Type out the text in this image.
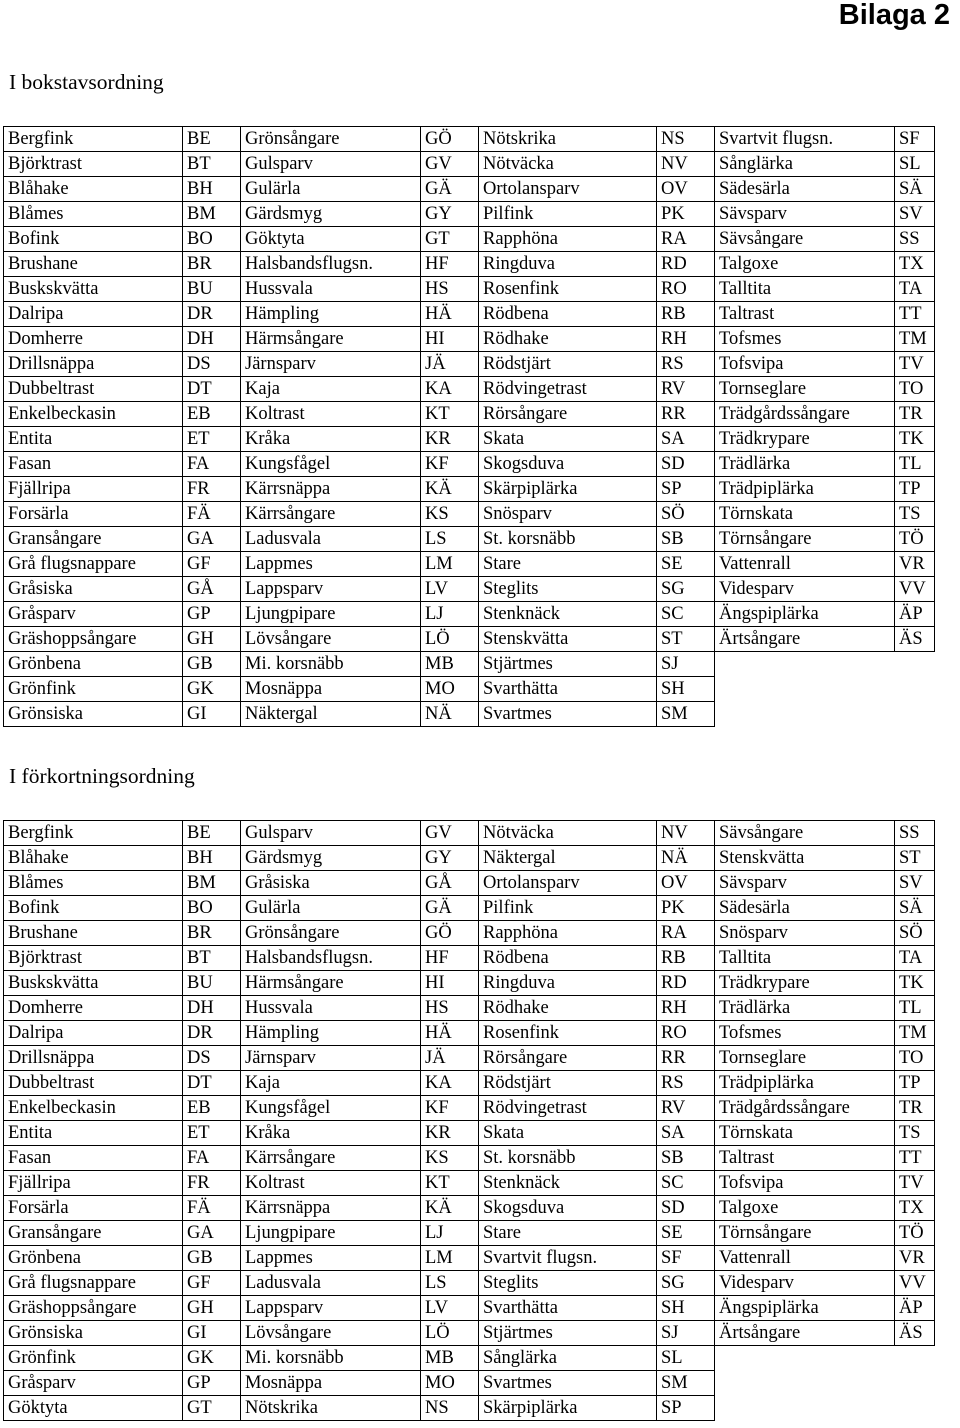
Bilaga 2
I bokstavsordning
Bergfink	BE	Grönsångare	GÖ	Nötskrika	NS	Svartvit flugsn.	SF
Björktrast	BT	Gulsparv	GV	Nötväcka	NV	Sånglärka	SL
Blåhake	BH	Gulärla	GÄ	Ortolansparv	OV	Sädesärla	SÄ
Blåmes	BM	Gärdsmyg	GY	Pilfink	PK	Sävsparv	SV
Bofink	BO	Göktyta	GT	Rapphöna	RA	Sävsångare	SS
Brushane	BR	Halsbandsflugsn.	HF	Ringduva	RD	Talgoxe	TX
Buskskvätta	BU	Hussvala	HS	Rosenfink	RO	Talltita	TA
Dalripa	DR	Hämpling	HÄ	Rödbena	RB	Taltrast	TT
Domherre	DH	Härmsångare	HI	Rödhake	RH	Tofsmes	TM
Drillsnäppa	DS	Järnsparv	JÄ	Rödstjärt	RS	Tofsvipa	TV
Dubbeltrast	DT	Kaja	KA	Rödvingetrast	RV	Tornseglare	TO
Enkelbeckasin	EB	Koltrast	KT	Rörsångare	RR	Trädgårdssångare	TR
Entita	ET	Kråka	KR	Skata	SA	Trädkrypare	TK
Fasan	FA	Kungsfågel	KF	Skogsduva	SD	Trädlärka	TL
Fjällripa	FR	Kärrsnäppa	KÄ	Skärpiplärka	SP	Trädpiplärka	TP
Forsärla	FÄ	Kärrsångare	KS	Snösparv	SÖ	Törnskata	TS
Gransångare	GA	Ladusvala	LS	St. korsnäbb	SB	Törnsångare	TÖ
Grå flugsnappare	GF	Lappmes	LM	Stare	SE	Vattenrall	VR
Gråsiska	GÅ	Lappsparv	LV	Steglits	SG	Videsparv	VV
Gråsparv	GP	Ljungpipare	LJ	Stenknäck	SC	Ängspiplärka	ÄP
Gräshoppsångare	GH	Lövsångare	LÖ	Stenskvätta	ST	Ärtsångare	ÄS
Grönbena	GB	Mi. korsnäbb	MB	Stjärtmes	SJ		
Grönfink	GK	Mosnäppa	MO	Svarthätta	SH		
Grönsiska	GI	Näktergal	NÄ	Svartmes	SM		
I förkortningsordning
Bergfink	BE	Gulsparv	GV	Nötväcka	NV	Sävsångare	SS
Blåhake	BH	Gärdsmyg	GY	Näktergal	NÄ	Stenskvätta	ST
Blåmes	BM	Gråsiska	GÅ	Ortolansparv	OV	Sävsparv	SV
Bofink	BO	Gulärla	GÄ	Pilfink	PK	Sädesärla	SÄ
Brushane	BR	Grönsångare	GÖ	Rapphöna	RA	Snösparv	SÖ
Björktrast	BT	Halsbandsflugsn.	HF	Rödbena	RB	Talltita	TA
Buskskvätta	BU	Härmsångare	HI	Ringduva	RD	Trädkrypare	TK
Domherre	DH	Hussvala	HS	Rödhake	RH	Trädlärka	TL
Dalripa	DR	Hämpling	HÄ	Rosenfink	RO	Tofsmes	TM
Drillsnäppa	DS	Järnsparv	JÄ	Rörsångare	RR	Tornseglare	TO
Dubbeltrast	DT	Kaja	KA	Rödstjärt	RS	Trädpiplärka	TP
Enkelbeckasin	EB	Kungsfågel	KF	Rödvingetrast	RV	Trädgårdssångare	TR
Entita	ET	Kråka	KR	Skata	SA	Törnskata	TS
Fasan	FA	Kärrsångare	KS	St. korsnäbb	SB	Taltrast	TT
Fjällripa	FR	Koltrast	KT	Stenknäck	SC	Tofsvipa	TV
Forsärla	FÄ	Kärrsnäppa	KÄ	Skogsduva	SD	Talgoxe	TX
Gransångare	GA	Ljungpipare	LJ	Stare	SE	Törnsångare	TÖ
Grönbena	GB	Lappmes	LM	Svartvit flugsn.	SF	Vattenrall	VR
Grå flugsnappare	GF	Ladusvala	LS	Steglits	SG	Videsparv	VV
Gräshoppsångare	GH	Lappsparv	LV	Svarthätta	SH	Ängspiplärka	ÄP
Grönsiska	GI	Lövsångare	LÖ	Stjärtmes	SJ	Ärtsångare	ÄS
Grönfink	GK	Mi. korsnäbb	MB	Sånglärka	SL		
Gråsparv	GP	Mosnäppa	MO	Svartmes	SM		
Göktyta	GT	Nötskrika	NS	Skärpiplärka	SP		
